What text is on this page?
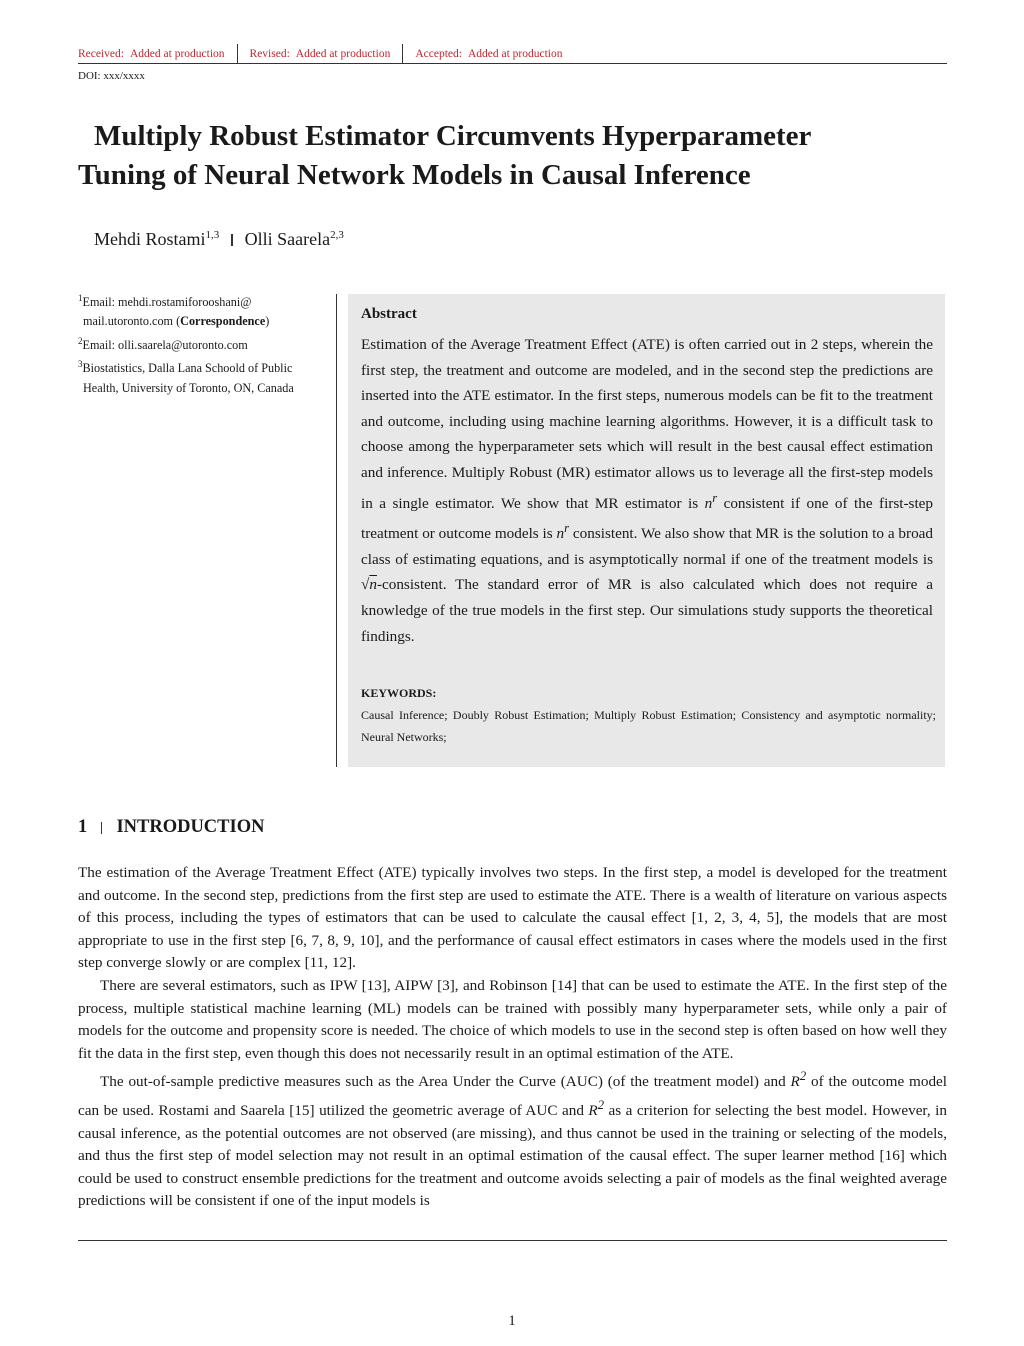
Received: Added at production Revised: Added at production Accepted: Added at production
DOI: xxx/xxxx
Multiply Robust Estimator Circumvents Hyperparameter
Tuning of Neural Network Models in Causal Inference
Mehdi Rostami$^{1,3}$ Olli Saarela$^{2,3}$
$^1$Email: mehdi.rostamiforooshani@
mail.utoronto.com (Correspondence)
$^2$Email: olli.saarela@utoronto.com
$^3$Biostatistics, Dalla Lana Schoold of Public
Health, University of Toronto, ON, Canada
Abstract
Estimation of the Average Treatment Effect (ATE) is often carried out in 2 steps, wherein the first step, the treatment and outcome are modeled, and in the second step the predictions are inserted into the ATE estimator. In the first steps, numerous models can be fit to the treatment and outcome, including using machine learning algorithms. However, it is a difficult task to choose among the hyperparameter sets which will result in the best causal effect estimation and inference. Multiply Robust (MR) estimator allows us to leverage all the first-step models in a single estimator. We show that MR estimator is $n^r$ consistent if one of the first-step treatment or outcome models is $n^r$ consistent. We also show that MR is the solution to a broad class of estimating equations, and is asymptotically normal if one of the treatment models is √n-consistent. The standard error of MR is also calculated which does not require a knowledge of the true models in the first step. Our simulations study supports the theoretical findings.
KEYWORDS:
Causal Inference; Doubly Robust Estimation; Multiply Robust Estimation; Consistency and asymptotic normality; Neural Networks;
1 INTRODUCTION

The estimation of the Average Treatment Effect (ATE) typically involves two steps. In the first step, a model is developed for the treatment and outcome. In the second step, predictions from the first step are used to estimate the ATE. There is a wealth of literature on various aspects of this process, including the types of estimators that can be used to calculate the causal effect [1, 2, 3, 4, 5], the models that are most appropriate to use in the first step [6, 7, 8, 9, 10], and the performance of causal effect estimators in cases where the models used in the first step converge slowly or are complex [11, 12].

There are several estimators, such as IPW [13], AIPW [3], and Robinson [14] that can be used to estimate the ATE. In the first step of the process, multiple statistical machine learning (ML) models can be trained with possibly many hyperparameter sets, while only a pair of models for the outcome and propensity score is needed. The choice of which models to use in the second step is often based on how well they fit the data in the first step, even though this does not necessarily result in an optimal estimation of the ATE.

The out-of-sample predictive measures such as the Area Under the Curve (AUC) (of the treatment model) and $R^2$ of the outcome model can be used. Rostami and Saarela [15] utilized the geometric average of AUC and $R^2$ as a criterion for selecting the best model. However, in causal inference, as the potential outcomes are not observed (are missing), and thus cannot be used in the training or selecting of the models, and thus the first step of model selection may not result in an optimal estimation of the causal effect. The super learner method [16] which could be used to construct ensemble predictions for the treatment and outcome avoids selecting a pair of models as the final weighted average predictions will be consistent if one of the input models is

1
